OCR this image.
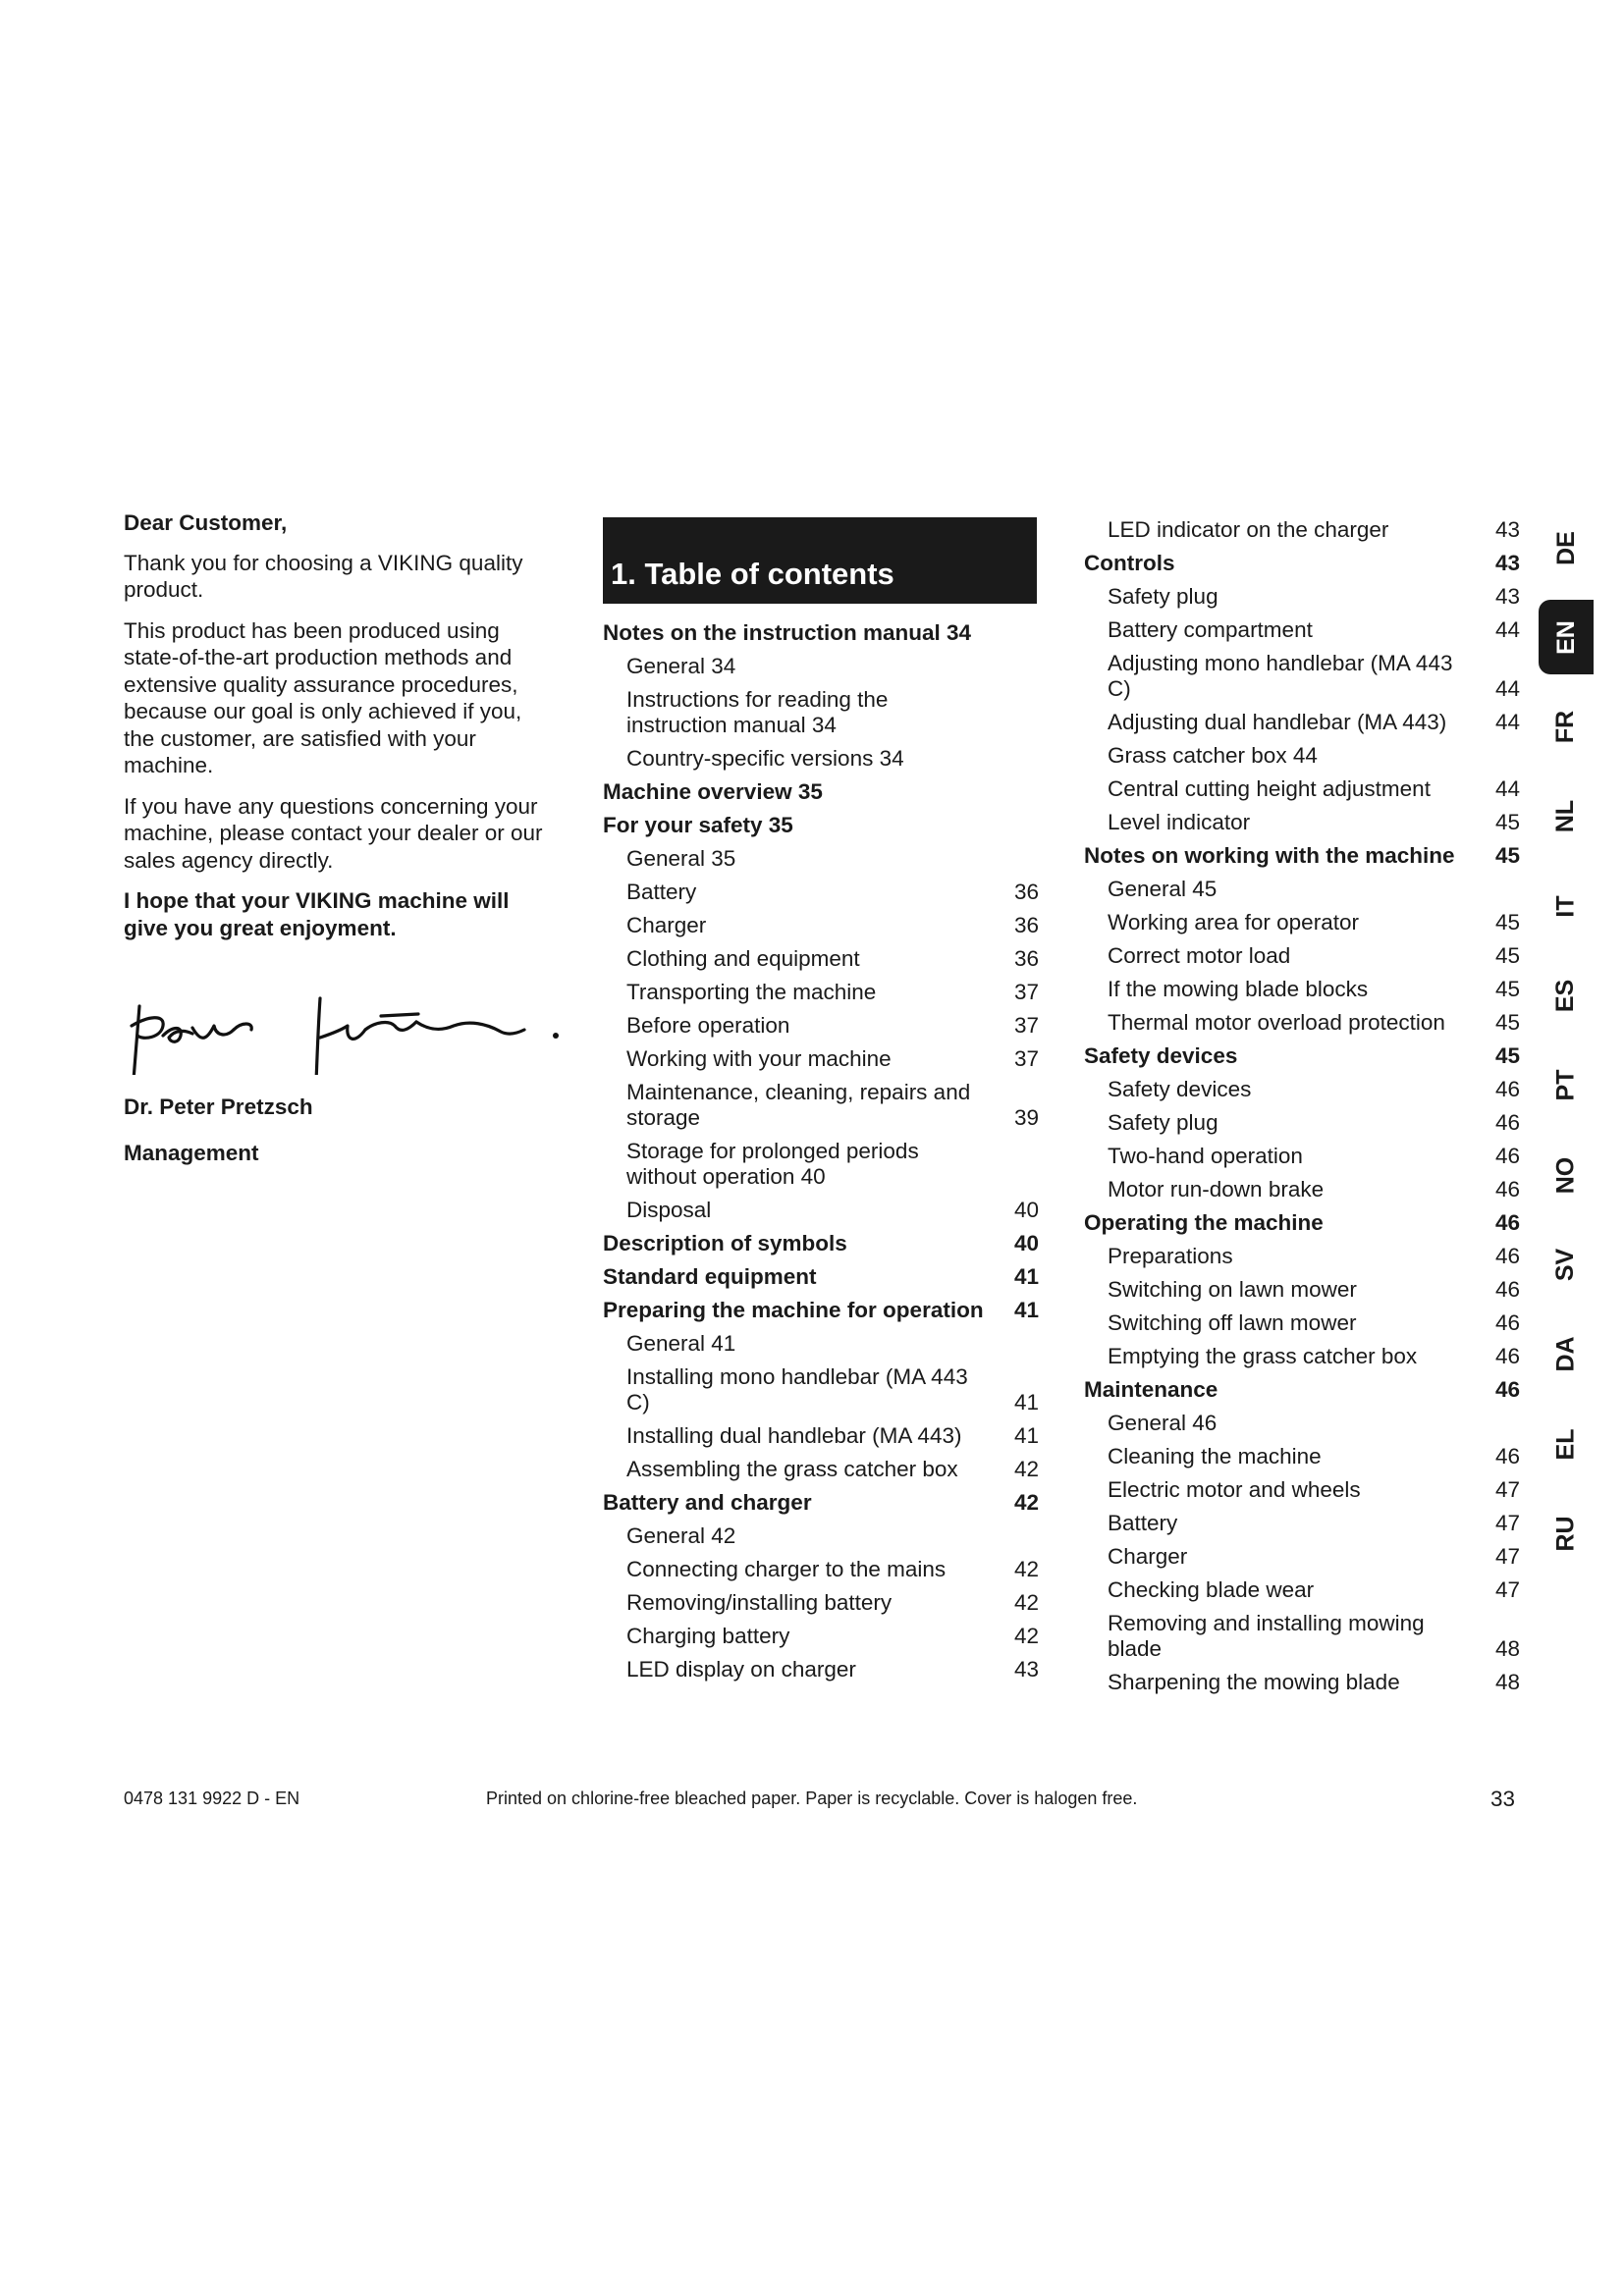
Dear Customer,

Thank you for choosing a VIKING quality product.

This product has been produced using state-of-the-art production methods and extensive quality assurance procedures, because our goal is only achieved if you, the customer, are satisfied with your machine.

If you have any questions concerning your machine, please contact your dealer or our sales agency directly.

I hope that your VIKING machine will give you great enjoyment.

Dr. Peter Pretzsch
Management
1. Table of contents
Notes on the instruction manual 34
General 34
Instructions for reading the instruction manual 34
Country-specific versions 34
Machine overview 35
For your safety 35
General 35
Battery	36
Charger	36
Clothing and equipment	36
Transporting the machine	37
Before operation	37
Working with your machine	37
Maintenance, cleaning, repairs and storage	39
Storage for prolonged periods without operation 40
Disposal	40
Description of symbols	40
Standard equipment	41
Preparing the machine for operation	41
General 41
Installing mono handlebar (MA 443 C)	41
Installing dual handlebar (MA 443)	41
Assembling the grass catcher box	42
Battery and charger	42
General 42
Connecting charger to the mains	42
Removing/installing battery	42
Charging battery	42
LED display on charger	43
LED indicator on the charger	43
Controls	43
Safety plug	43
Battery compartment	44
Adjusting mono handlebar (MA 443 C)	44
Adjusting dual handlebar (MA 443)	44
Grass catcher box 44
Central cutting height adjustment	44
Level indicator	45
Notes on working with the machine	45
General 45
Working area for operator	45
Correct motor load	45
If the mowing blade blocks	45
Thermal motor overload protection	45
Safety devices	45
Safety devices	46
Safety plug	46
Two-hand operation	46
Motor run-down brake	46
Operating the machine	46
Preparations	46
Switching on lawn mower	46
Switching off lawn mower	46
Emptying the grass catcher box	46
Maintenance	46
General 46
Cleaning the machine	46
Electric motor and wheels	47
Battery	47
Charger	47
Checking blade wear	47
Removing and installing mowing blade	48
Sharpening the mowing blade	48
DE
EN
FR
NL
IT
ES
PT
NO
SV
DA
EL
RU
0478 131 9922 D - EN	Printed on chlorine-free bleached paper. Paper is recyclable. Cover is halogen free.	33
